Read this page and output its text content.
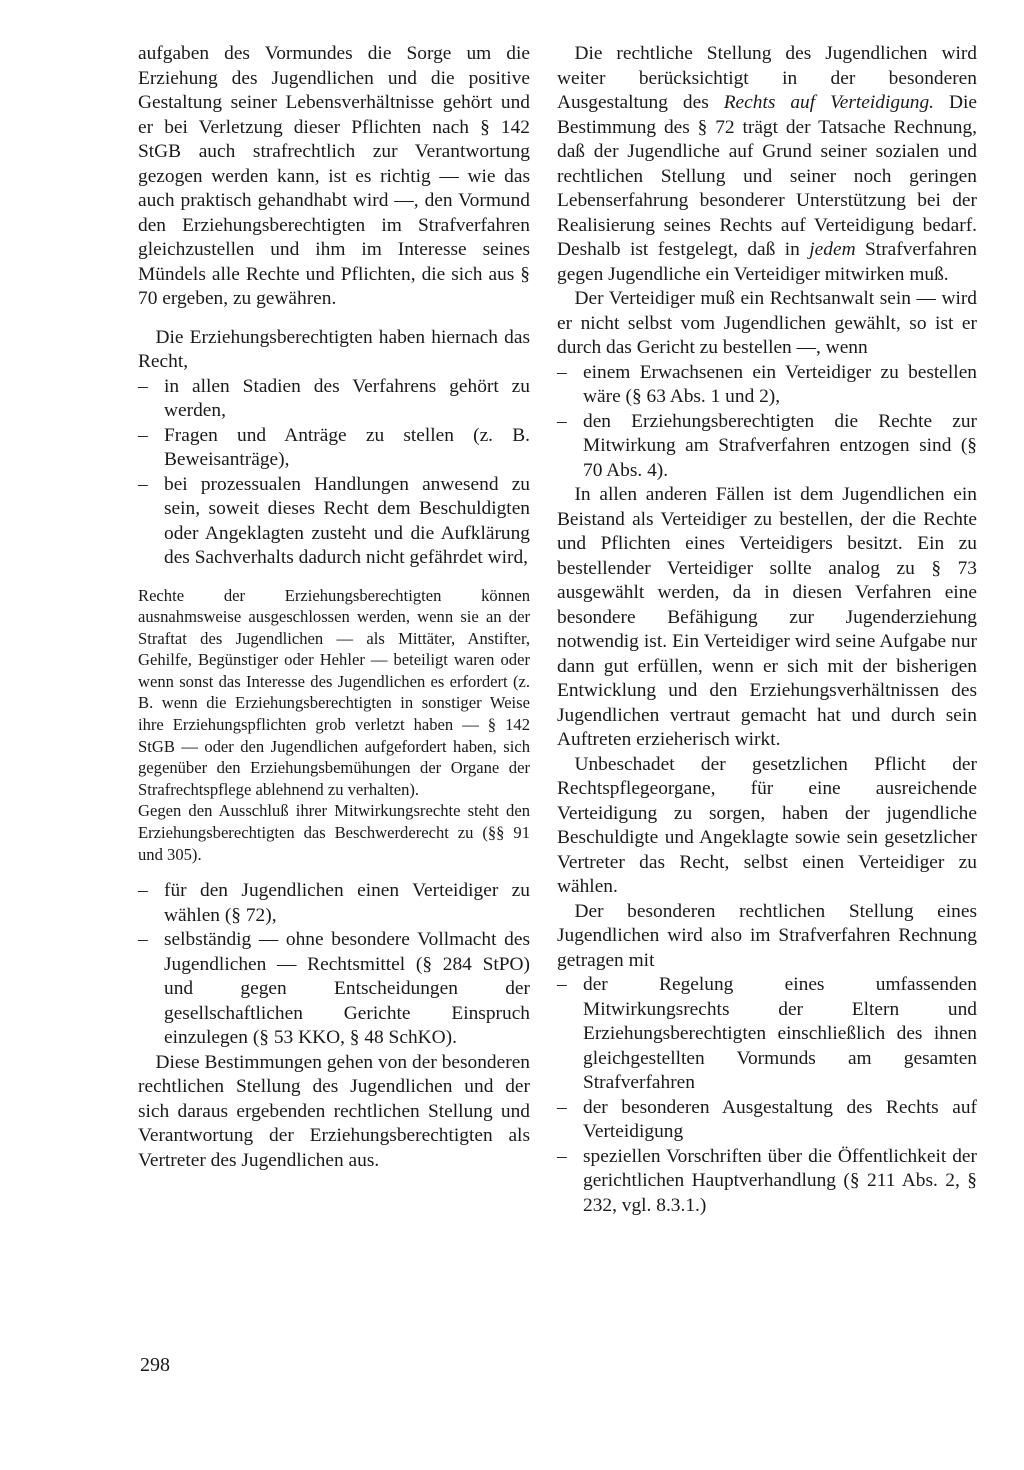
aufgaben des Vormundes die Sorge um die Erziehung des Jugendlichen und die positive Gestaltung seiner Lebensverhältnisse gehört und er bei Verletzung dieser Pflichten nach § 142 StGB auch strafrechtlich zur Verantwortung gezogen werden kann, ist es richtig — wie das auch praktisch gehandhabt wird —, den Vormund den Erziehungsberechtigten im Strafverfahren gleichzustellen und ihm im Interesse seines Mündels alle Rechte und Pflichten, die sich aus § 70 ergeben, zu gewähren.

Die Erziehungsberechtigten haben hiernach das Recht,

– in allen Stadien des Verfahrens gehört zu werden,
– Fragen und Anträge zu stellen (z. B. Beweisanträge),
– bei prozessualen Handlungen anwesend zu sein, soweit dieses Recht dem Beschuldigten oder Angeklagten zusteht und die Aufklärung des Sachverhalts dadurch nicht gefährdet wird,

Rechte der Erziehungsberechtigten können ausnahmsweise ausgeschlossen werden, wenn sie an der Straftat des Jugendlichen — als Mittäter, Anstifter, Gehilfe, Begünstiger oder Hehler — beteiligt waren oder wenn sonst das Interesse des Jugendlichen es erfordert (z. B. wenn die Erziehungsberechtigten in sonstiger Weise ihre Erziehungspflichten grob verletzt haben — § 142 StGB — oder den Jugendlichen aufgefordert haben, sich gegenüber den Erziehungsbemühungen der Organe der Strafrechtspflege ablehnend zu verhalten).

Gegen den Ausschluß ihrer Mitwirkungsrechte steht den Erziehungsberechtigten das Beschwerderecht zu (§§ 91 und 305).

– für den Jugendlichen einen Verteidiger zu wählen (§ 72),
– selbständig — ohne besondere Vollmacht des Jugendlichen — Rechtsmittel (§ 284 StPO) und gegen Entscheidungen der gesellschaftlichen Gerichte Einspruch einzulegen (§ 53 KKO, § 48 SchKO).

Diese Bestimmungen gehen von der besonderen rechtlichen Stellung des Jugendlichen und der sich daraus ergebenden rechtlichen Stellung und Verantwortung der Erziehungsberechtigten als Vertreter des Jugendlichen aus.

Die rechtliche Stellung des Jugendlichen wird weiter berücksichtigt in der besonderen Ausgestaltung des Rechts auf Verteidigung. Die Bestimmung des § 72 trägt der Tatsache Rechnung, daß der Jugendliche auf Grund seiner sozialen und rechtlichen Stellung und seiner noch geringen Lebenserfahrung besonderer Unterstützung bei der Realisierung seines Rechts auf Verteidigung bedarf. Deshalb ist festgelegt, daß in jedem Strafverfahren gegen Jugendliche ein Verteidiger mitwirken muß.

Der Verteidiger muß ein Rechtsanwalt sein — wird er nicht selbst vom Jugendlichen gewählt, so ist er durch das Gericht zu bestellen —, wenn

– einem Erwachsenen ein Verteidiger zu bestellen wäre (§ 63 Abs. 1 und 2),
– den Erziehungsberechtigten die Rechte zur Mitwirkung am Strafverfahren entzogen sind (§ 70 Abs. 4).

In allen anderen Fällen ist dem Jugendlichen ein Beistand als Verteidiger zu bestellen, der die Rechte und Pflichten eines Verteidigers besitzt. Ein zu bestellender Verteidiger sollte analog zu § 73 ausgewählt werden, da in diesen Verfahren eine besondere Befähigung zur Jugenderziehung notwendig ist. Ein Verteidiger wird seine Aufgabe nur dann gut erfüllen, wenn er sich mit der bisherigen Entwicklung und den Erziehungsverhältnissen des Jugendlichen vertraut gemacht hat und durch sein Auftreten erzieherisch wirkt.

Unbeschadet der gesetzlichen Pflicht der Rechtspflegeorgane, für eine ausreichende Verteidigung zu sorgen, haben der jugendliche Beschuldigte und Angeklagte sowie sein gesetzlicher Vertreter das Recht, selbst einen Verteidiger zu wählen.

Der besonderen rechtlichen Stellung eines Jugendlichen wird also im Strafverfahren Rechnung getragen mit

– der Regelung eines umfassenden Mitwirkungsrechts der Eltern und Erziehungsberechtigten einschließlich des ihnen gleichgestellten Vormunds am gesamten Strafverfahren
– der besonderen Ausgestaltung des Rechts auf Verteidigung
– speziellen Vorschriften über die Öffentlichkeit der gerichtlichen Hauptverhandlung (§ 211 Abs. 2, § 232, vgl. 8.3.1.)
298
